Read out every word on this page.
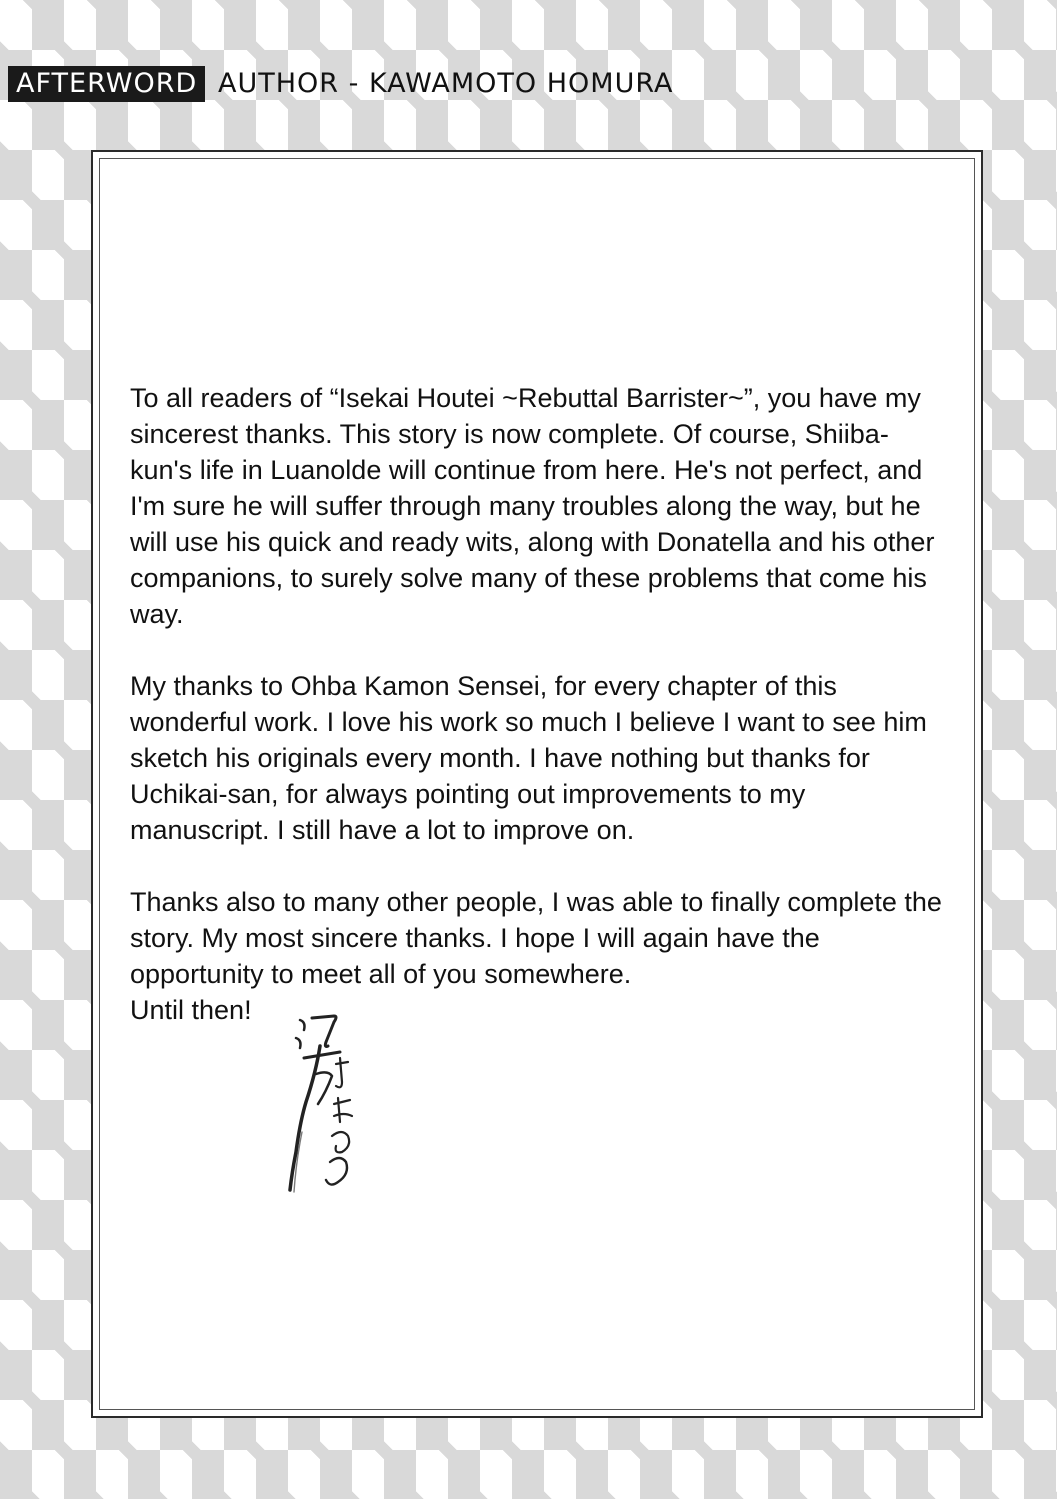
AFTERWORD AUTHOR - KAWAMOTO HOMURA

To all readers of “Isekai Houtei ~Rebuttal Barrister~”, you have my sincerest thanks. This story is now complete. Of course, Shiiba-kun's life in Luanolde will continue from here. He's not perfect, and I'm sure he will suffer through many troubles along the way, but he will use his quick and ready wits, along with Donatella and his other companions, to surely solve many of these problems that come his way.

My thanks to Ohba Kamon Sensei, for every chapter of this wonderful work. I love his work so much I believe I want to see him sketch his originals every month. I have nothing but thanks for Uchikai-san, for always pointing out improvements to my manuscript. I still have a lot to improve on.

Thanks also to many other people, I was able to finally complete the story. My most sincere thanks. I hope I will again have the opportunity to meet all of you somewhere.

Until then!
